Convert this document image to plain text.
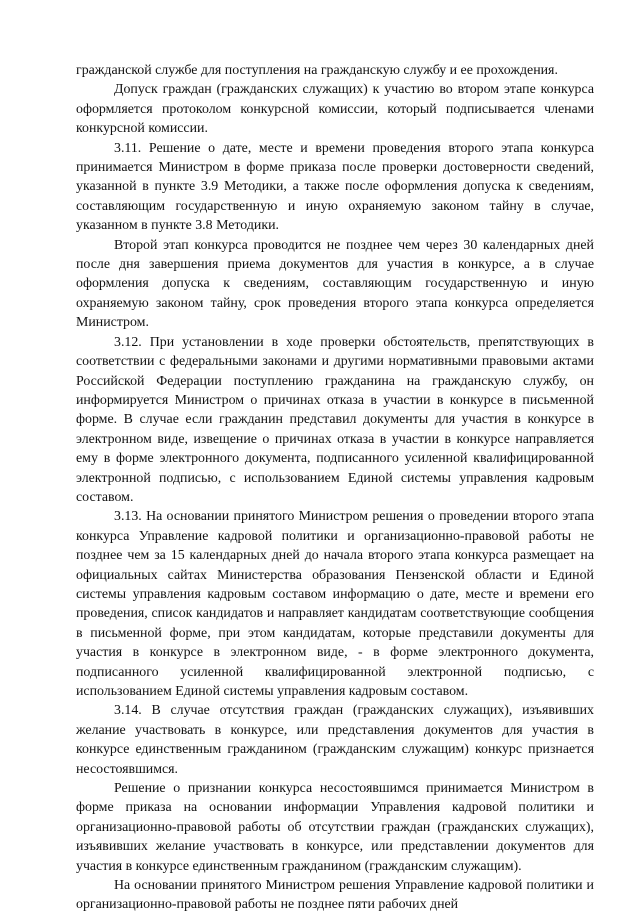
гражданской службе для поступления на гражданскую службу и ее прохождения.

Допуск граждан (гражданских служащих) к участию во втором этапе конкурса оформляется протоколом конкурсной комиссии, который подписывается членами конкурсной комиссии.

3.11. Решение о дате, месте и времени проведения второго этапа конкурса принимается Министром в форме приказа после проверки достоверности сведений, указанной в пункте 3.9 Методики, а также после оформления допуска к сведениям, составляющим государственную и иную охраняемую законом тайну в случае, указанном в пункте 3.8 Методики.

Второй этап конкурса проводится не позднее чем через 30 календарных дней после дня завершения приема документов для участия в конкурсе, а в случае оформления допуска к сведениям, составляющим государственную и иную охраняемую законом тайну, срок проведения второго этапа конкурса определяется Министром.

3.12. При установлении в ходе проверки обстоятельств, препятствующих в соответствии с федеральными законами и другими нормативными правовыми актами Российской Федерации поступлению гражданина на гражданскую службу, он информируется Министром о причинах отказа в участии в конкурсе в письменной форме. В случае если гражданин представил документы для участия в конкурсе в электронном виде, извещение о причинах отказа в участии в конкурсе направляется ему в форме электронного документа, подписанного усиленной квалифицированной электронной подписью, с использованием Единой системы управления кадровым составом.

3.13. На основании принятого Министром решения о проведении второго этапа конкурса Управление кадровой политики и организационно-правовой работы не позднее чем за 15 календарных дней до начала второго этапа конкурса размещает на официальных сайтах Министерства образования Пензенской области и Единой системы управления кадровым составом информацию о дате, месте и времени его проведения, список кандидатов и направляет кандидатам соответствующие сообщения в письменной форме, при этом кандидатам, которые представили документы для участия в конкурсе в электронном виде, - в форме электронного документа, подписанного усиленной квалифицированной электронной подписью, с использованием Единой системы управления кадровым составом.

3.14. В случае отсутствия граждан (гражданских служащих), изъявивших желание участвовать в конкурсе, или представления документов для участия в конкурсе единственным гражданином (гражданским служащим) конкурс признается несостоявшимся.

Решение о признании конкурса несостоявшимся принимается Министром в форме приказа на основании информации Управления кадровой политики и организационно-правовой работы об отсутствии граждан (гражданских служащих), изъявивших желание участвовать в конкурсе, или представлении документов для участия в конкурсе единственным гражданином (гражданским служащим).

На основании принятого Министром решения Управление кадровой политики и организационно-правовой работы не позднее пяти рабочих дней
